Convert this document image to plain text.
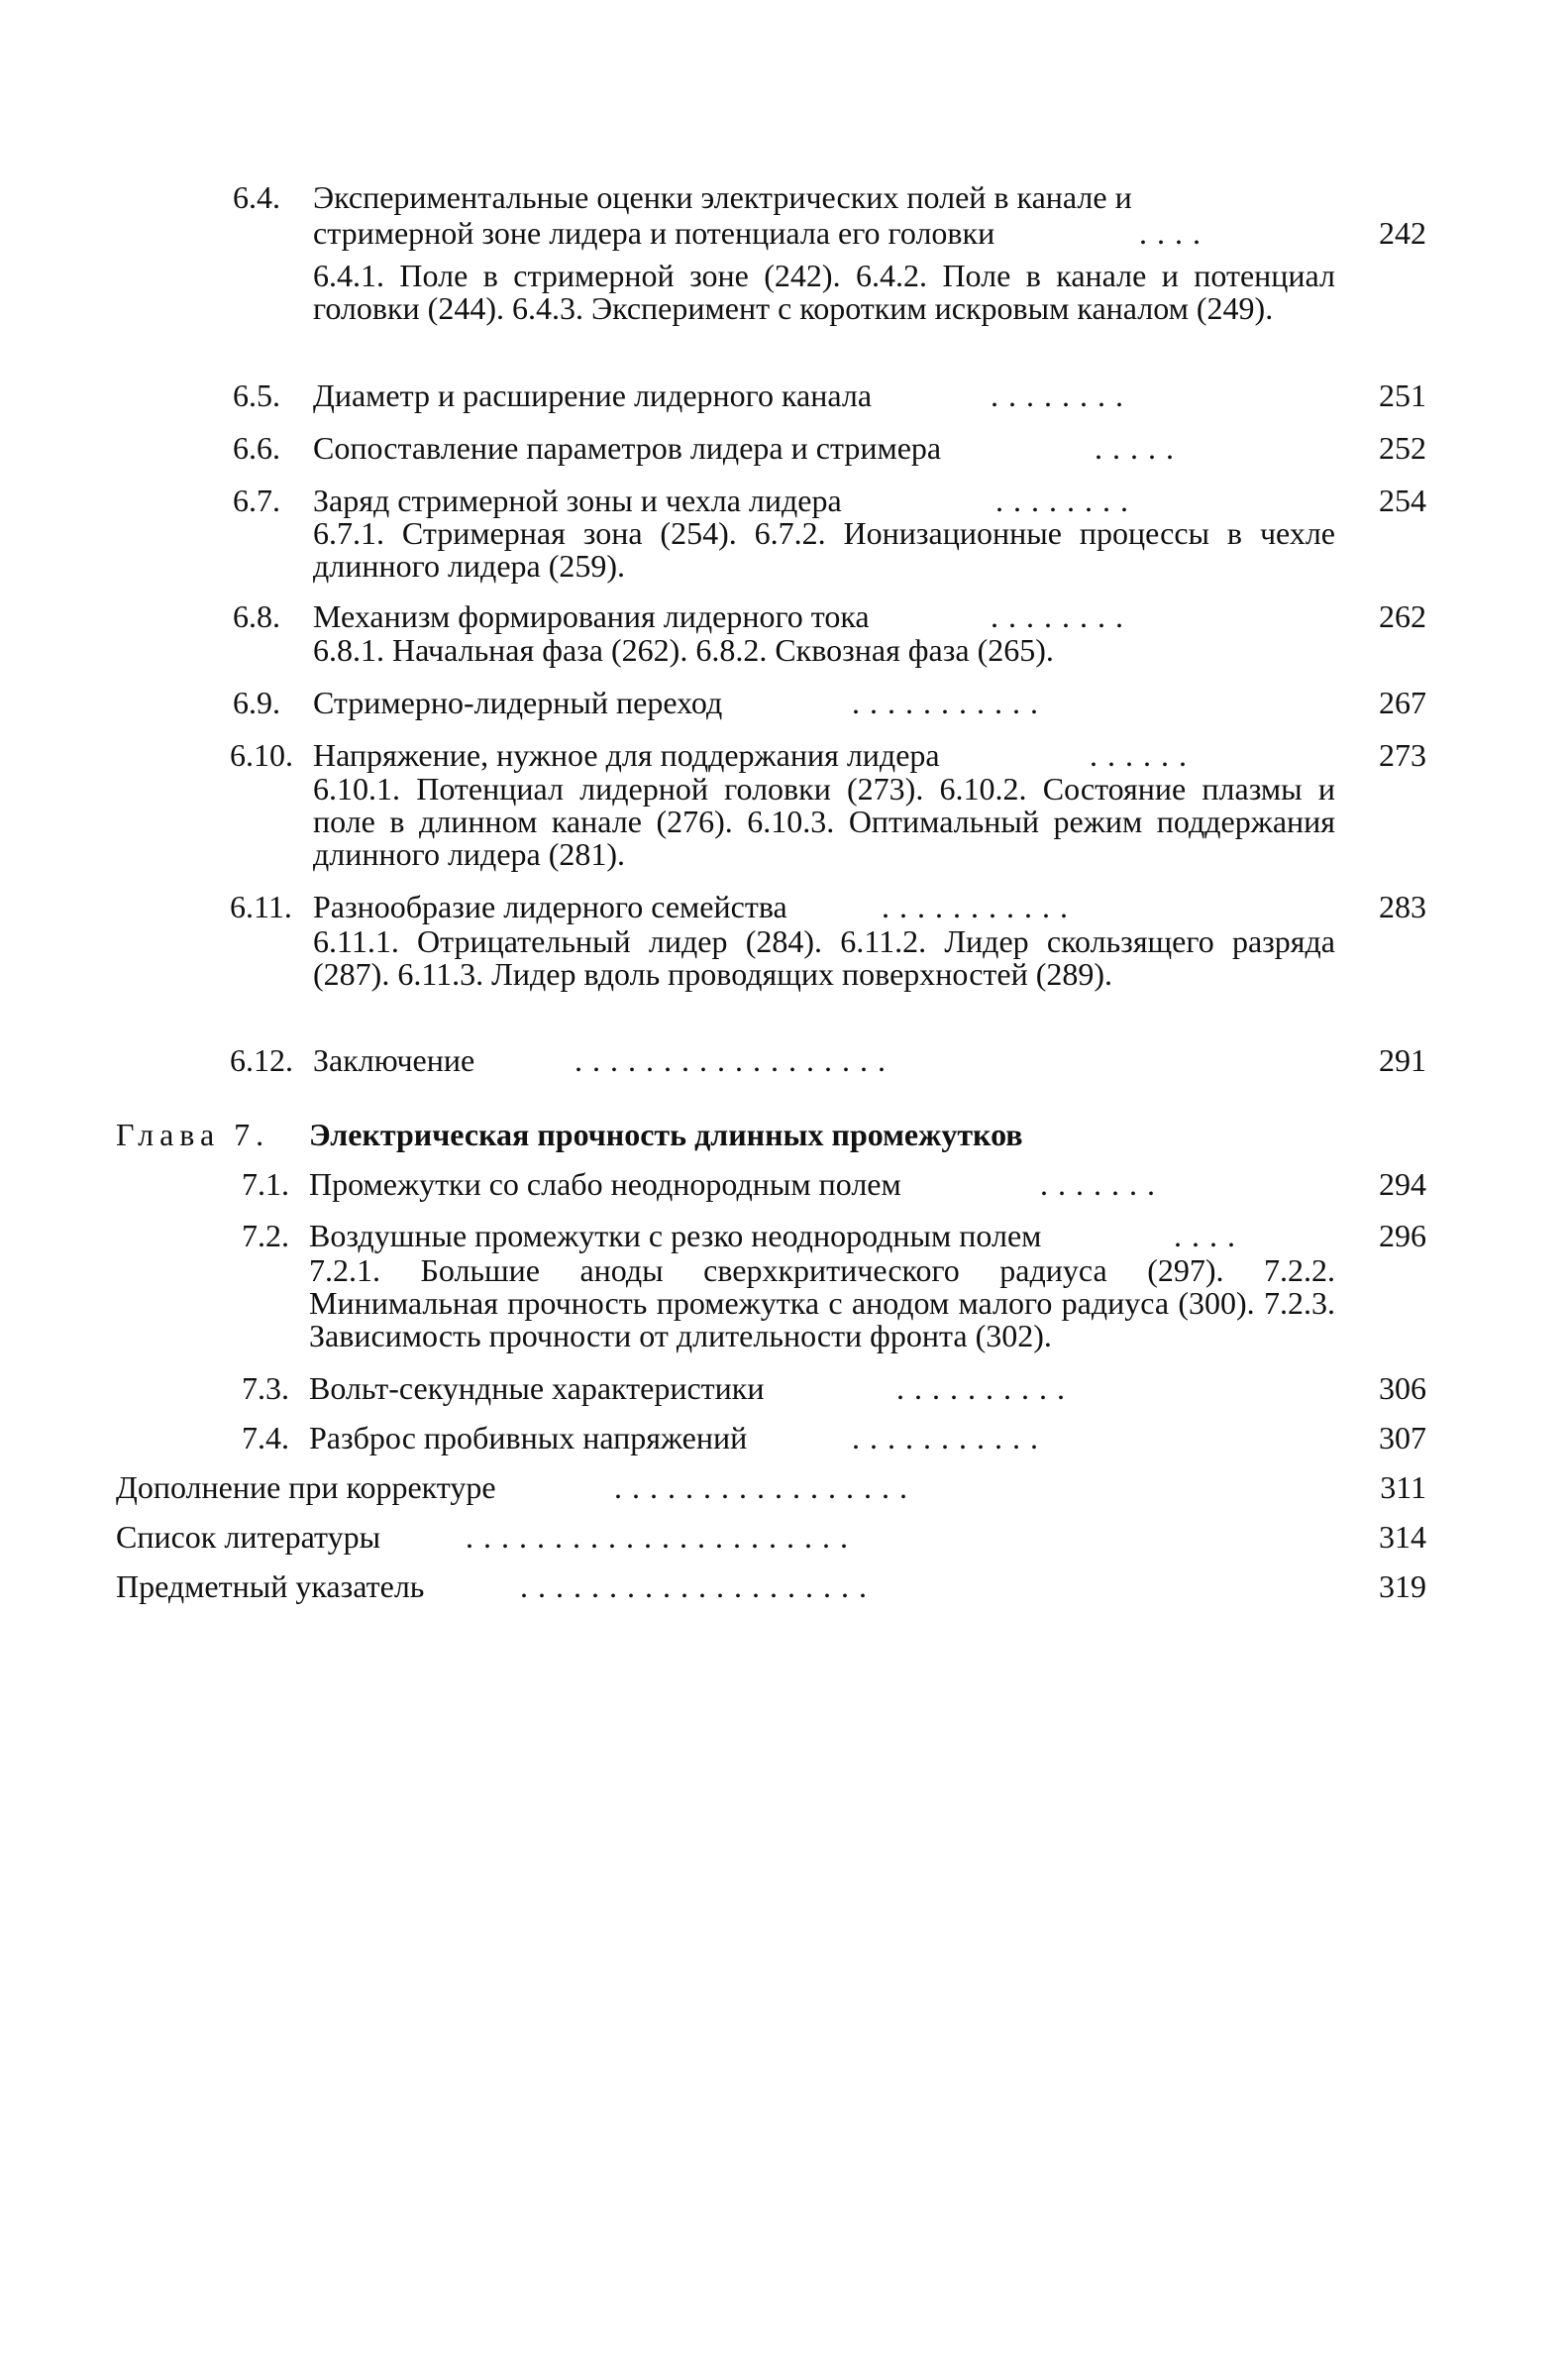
6.4. Экспериментальные оценки электрических полей в канале и
стримерной зоне лидера и потенциала его головки	....	242
6.4.1. Поле в стримерной зоне (242). 6.4.2. Поле в канале и потенциал головки (244). 6.4.3. Эксперимент с коротким искровым каналом (249).
6.5. Диаметр и расширение лидерного канала	........	251
6.6. Сопоставление параметров лидера и стримера	.....	252
6.7. Заряд стримерной зоны и чехла лидера	........	254
6.7.1. Стримерная зона (254). 6.7.2. Ионизационные процессы в чехле длинного лидера (259).
6.8. Механизм формирования лидерного тока	........	262
6.8.1. Начальная фаза (262). 6.8.2. Сквозная фаза (265).
6.9. Стримерно-лидерный переход	...........	267
6.10. Напряжение, нужное для поддержания лидера	......	273
6.10.1. Потенциал лидерной головки (273). 6.10.2. Состояние плазмы и поле в длинном канале (276). 6.10.3. Оптимальный режим поддержания длинного лидера (281).
6.11. Разнообразие лидерного семейства	...........	283
6.11.1. Отрицательный лидер (284). 6.11.2. Лидер скользящего разряда (287). 6.11.3. Лидер вдоль проводящих поверхностей (289).
6.12. Заключение	..................	291
Глава 7. Электрическая прочность длинных промежутков
7.1. Промежутки со слабо неоднородным полем	.......	294
7.2. Воздушные промежутки с резко неоднородным полем	....	296
7.2.1. Большие аноды сверхкритического радиуса (297). 7.2.2. Минимальная прочность промежутка с анодом малого радиуса (300). 7.2.3. Зависимость прочности от длительности фронта (302).
7.3. Вольт-секундные характеристики	..........	306
7.4. Разброс пробивных напряжений	...........	307
Дополнение при корректуре	.................	311
Список литературы	......................	314
Предметный указатель	....................	319
